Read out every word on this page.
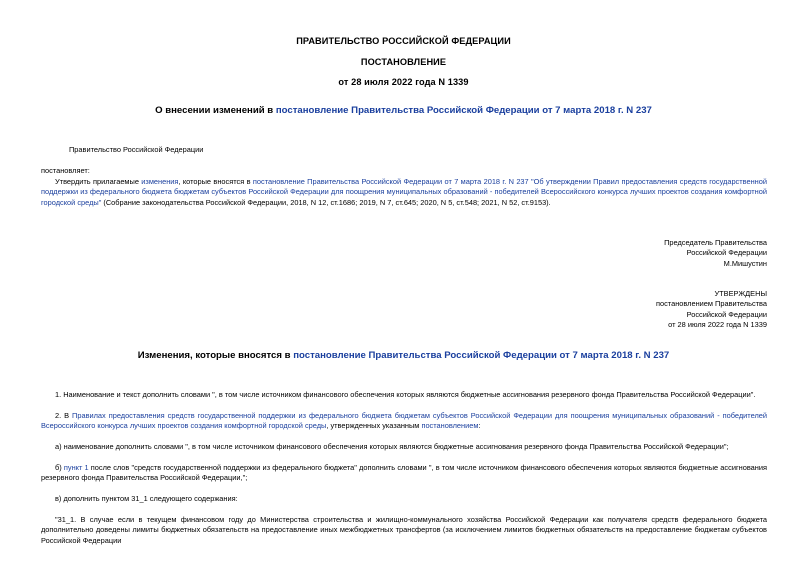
ПРАВИТЕЛЬСТВО РОССИЙСКОЙ ФЕДЕРАЦИИ
ПОСТАНОВЛЕНИЕ
от 28 июля 2022 года N 1339
О внесении изменений в постановление Правительства Российской Федерации от 7 марта 2018 г. N 237
Правительство Российской Федерации
постановляет:
Утвердить прилагаемые изменения, которые вносятся в постановление Правительства Российской Федерации от 7 марта 2018 г. N 237 "Об утверждении Правил предоставления средств государственной поддержки из федерального бюджета бюджетам субъектов Российской Федерации для поощрения муниципальных образований - победителей Всероссийского конкурса лучших проектов создания комфортной городской среды" (Собрание законодательства Российской Федерации, 2018, N 12, ст.1686; 2019, N 7, ст.645; 2020, N 5, ст.548; 2021, N 52, ст.9153).
Председатель Правительства
Российской Федерации
М.Мишустин
УТВЕРЖДЕНЫ
постановлением Правительства
Российской Федерации
от 28 июля 2022 года N 1339
Изменения, которые вносятся в постановление Правительства Российской Федерации от 7 марта 2018 г. N 237
1. Наименование и текст дополнить словами ", в том числе источником финансового обеспечения которых являются бюджетные ассигнования резервного фонда Правительства Российской Федерации".
2. В Правилах предоставления средств государственной поддержки из федерального бюджета бюджетам субъектов Российской Федерации для поощрения муниципальных образований - победителей Всероссийского конкурса лучших проектов создания комфортной городской среды, утвержденных указанным постановлением:
а) наименование дополнить словами ", в том числе источником финансового обеспечения которых являются бюджетные ассигнования резервного фонда Правительства Российской Федерации";
б) пункт 1 после слов "средств государственной поддержки из федерального бюджета" дополнить словами ", в том числе источником финансового обеспечения которых являются бюджетные ассигнования резервного фонда Правительства Российской Федерации,";
в) дополнить пунктом 31_1 следующего содержания:
"31_1. В случае если в текущем финансовом году до Министерства строительства и жилищно-коммунального хозяйства Российской Федерации как получателя средств федерального бюджета дополнительно доведены лимиты бюджетных обязательств на предоставление иных межбюджетных трансфертов (за исключением лимитов бюджетных обязательств на предоставление бюджетам субъектов Российской Федерации
